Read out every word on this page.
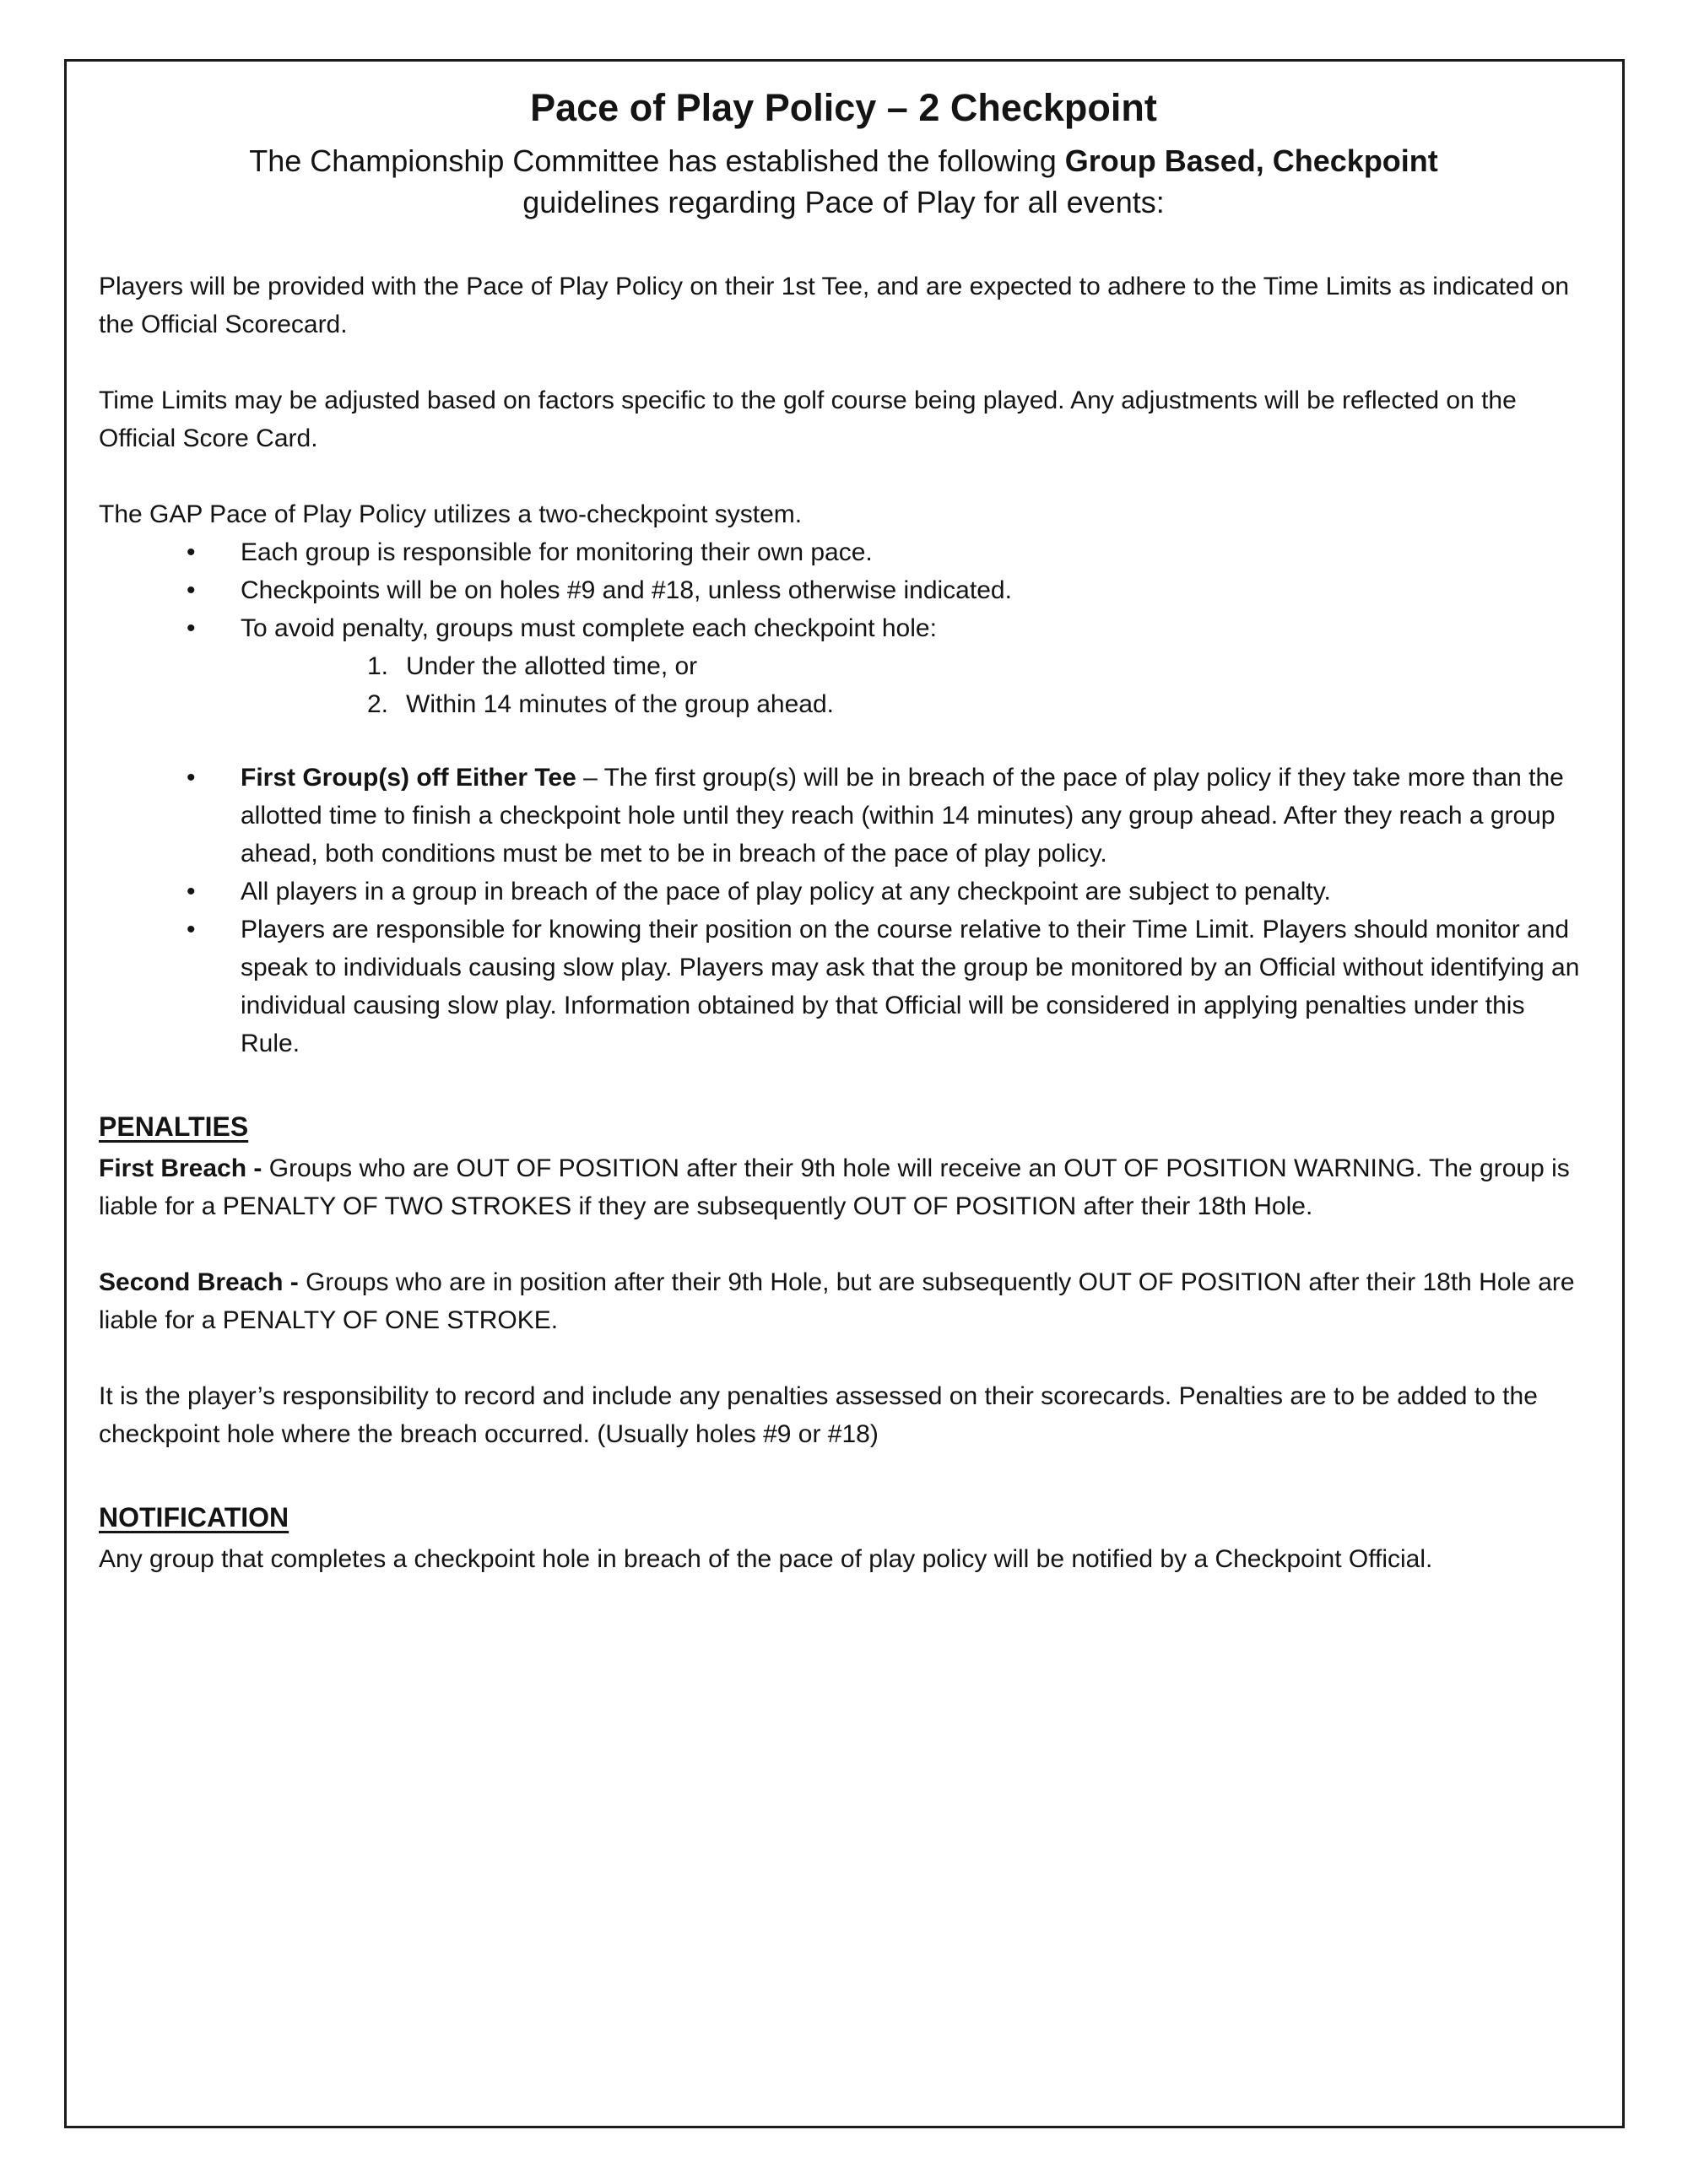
Pace of Play Policy – 2 Checkpoint
The Championship Committee has established the following Group Based, Checkpoint
guidelines regarding Pace of Play for all events:

Players will be provided with the Pace of Play Policy on their 1st Tee, and are expected to adhere to the Time Limits as indicated on the Official Scorecard.

Time Limits may be adjusted based on factors specific to the golf course being played. Any adjustments will be reflected on the Official Score Card.

The GAP Pace of Play Policy utilizes a two-checkpoint system.

•	Each group is responsible for monitoring their own pace.
•	Checkpoints will be on holes #9 and #18, unless otherwise indicated.
•	To avoid penalty, groups must complete each checkpoint hole:
1. Under the allotted time, or
2. Within 14 minutes of the group ahead.
•	First Group(s) off Either Tee – The first group(s) will be in breach of the pace of play policy if they take more than the allotted time to finish a checkpoint hole until they reach (within 14 minutes) any group ahead. After they reach a group ahead, both conditions must be met to be in breach of the pace of play policy.
•	All players in a group in breach of the pace of play policy at any checkpoint are subject to penalty.
•	Players are responsible for knowing their position on the course relative to their Time Limit. Players should monitor and speak to individuals causing slow play. Players may ask that the group be monitored by an Official without identifying an individual causing slow play. Information obtained by that Official will be considered in applying penalties under this Rule.
PENALTIES

First Breach - Groups who are OUT OF POSITION after their 9th hole will receive an OUT OF POSITION WARNING. The group is liable for a PENALTY OF TWO STROKES if they are subsequently OUT OF POSITION after their 18th Hole.

Second Breach - Groups who are in position after their 9th Hole, but are subsequently OUT OF POSITION after their 18th Hole are liable for a PENALTY OF ONE STROKE.

It is the player’s responsibility to record and include any penalties assessed on their scorecards. Penalties are to be added to the checkpoint hole where the breach occurred. (Usually holes #9 or #18)

NOTIFICATION

Any group that completes a checkpoint hole in breach of the pace of play policy will be notified by a Checkpoint Official.
